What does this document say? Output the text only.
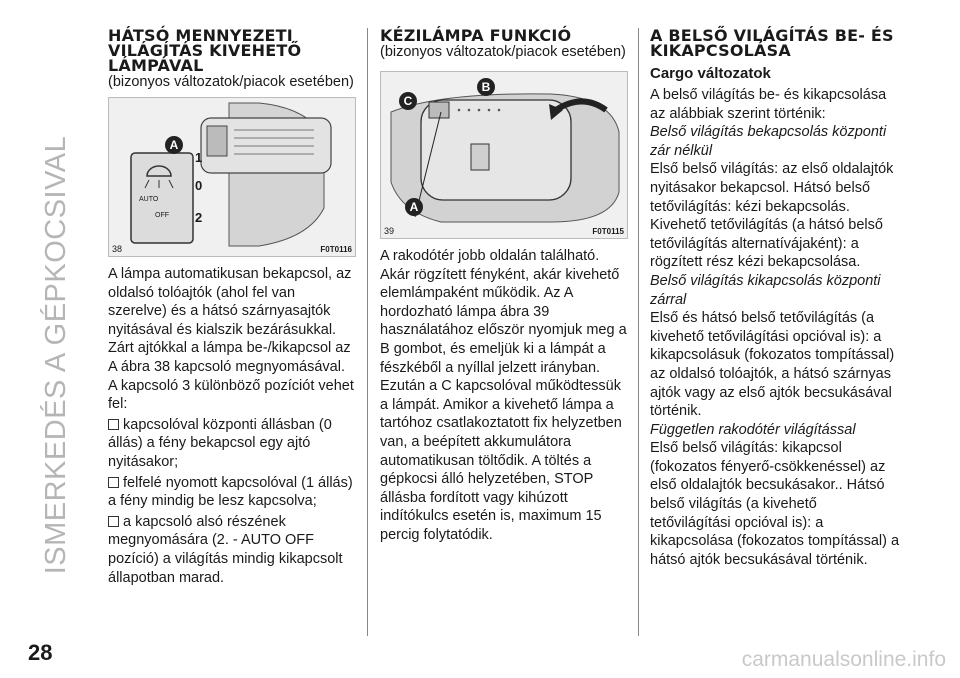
ISMERKEDÉS A GÉPKOCSIVAL
HÁTSÓ MENNYEZETI VILÁGÍTÁS KIVEHETŐ LÁMPÁVAL

(bizonyos változatok/piacok esetében)

A
1
0
2
AUTO
OFF
38	F0T0116

A lámpa automatikusan bekapcsol, az oldalsó tolóajtók (ahol fel van szerelve) és a hátsó szárnyasajtók nyitásával és kialszik bezárásukkal. Zárt ajtókkal a lámpa be-/kikapcsol az A ábra 38 kapcsoló megnyomásával. A kapcsoló 3 különböző pozíciót vehet fel:

kapcsolóval központi állásban (0 állás) a fény bekapcsol egy ajtó nyitásakor;

felfelé nyomott kapcsolóval (1 állás) a fény mindig be lesz kapcsolva;

a kapcsoló alsó részének megnyomására (2. - AUTO OFF pozíció) a világítás mindig kikapcsolt állapotban marad.

KÉZILÁMPA FUNKCIÓ

(bizonyos változatok/piacok esetében)

C
B
A
39	F0T0115

A rakodótér jobb oldalán található. Akár rögzített fényként, akár kivehető elemlámpaként működik. Az A hordozható lámpa ábra 39 használatához először nyomjuk meg a B gombot, és emeljük ki a lámpát a fészkéből a nyíllal jelzett irányban. Ezután a C kapcsolóval működtessük a lámpát. Amikor a kivehető lámpa a tartóhoz csatlakoztatott fix helyzetben van, a beépített akkumulátora automatikusan töltődik. A töltés a gépkocsi álló helyzetében, STOP állásba fordított vagy kihúzott indítókulcs esetén is, maximum 15 percig folytatódik.

A BELSŐ VILÁGÍTÁS BE- ÉS KIKAPCSOLÁSA

Cargo változatok

A belső világítás be- és kikapcsolása az alábbiak szerint történik:

Belső világítás bekapcsolás központi zár nélkül

Első belső világítás: az első oldalajtók nyitásakor bekapcsol. Hátsó belső tetővilágítás: kézi bekapcsolás. Kivehető tetővilágítás (a hátsó belső tetővilágítás alternatívájaként): a rögzített rész kézi bekapcsolása.

Belső világítás kikapcsolás központi zárral

Első és hátsó belső tetővilágítás (a kivehető tetővilágítási opcióval is): a kikapcsolásuk (fokozatos tompítással) az oldalsó tolóajtók, a hátsó szárnyas ajtók vagy az első ajtók becsukásával történik.

Független rakodótér világítással

Első belső világítás: kikapcsol (fokozatos fényerő-csökkenéssel) az első oldalajtók becsukásakor.. Hátsó belső világítás (a kivehető tetővilágítási opcióval is): a kikapcsolása (fokozatos tompítással) a hátsó ajtók becsukásával történik.

28	carmanualsonline.info
